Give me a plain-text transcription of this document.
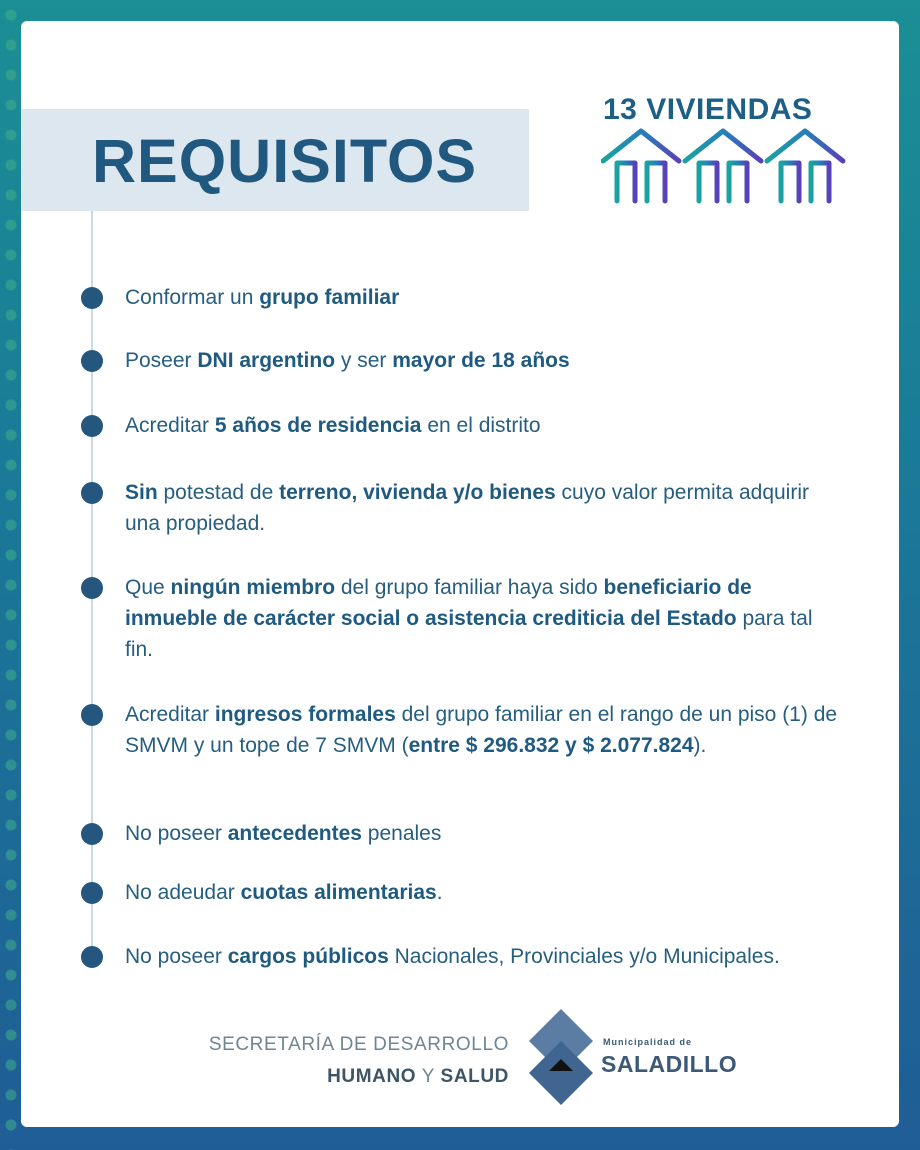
REQUISITOS
13 VIVIENDAS
Conformar un grupo familiar
Poseer DNI argentino y ser mayor de 18 años
Acreditar 5 años de residencia en el distrito
Sin potestad de terreno, vivienda y/o bienes cuyo valor permita adquirir una propiedad.
Que ningún miembro del grupo familiar haya sido beneficiario de inmueble de carácter social o asistencia crediticia del Estado para tal fin.
Acreditar ingresos formales del grupo familiar en el rango de un piso (1) de SMVM y un tope de 7 SMVM (entre $ 296.832 y $ 2.077.824).
No poseer antecedentes penales
No adeudar cuotas alimentarias.
No poseer cargos públicos Nacionales, Provinciales y/o Municipales.
SECRETARÍA DE DESARROLLO
HUMANO Y SALUD
Municipalidad de
SALADILLO
